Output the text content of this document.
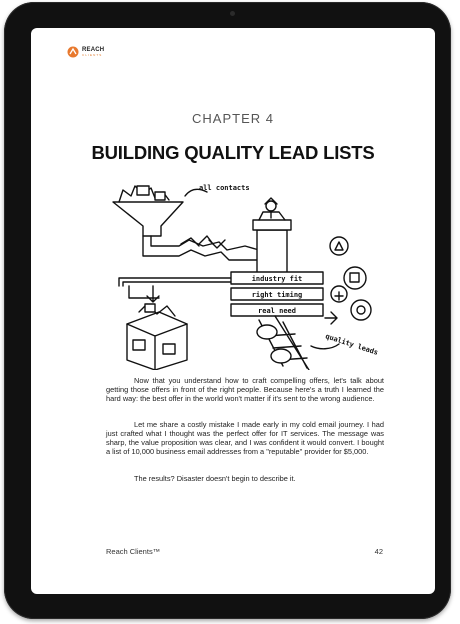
REACH
CLIENTS
CHAPTER 4
BUILDING QUALITY LEAD LISTS
all contacts
industry fit
right timing
real need
quality leads

Now that you understand how to craft compelling offers, let's talk about getting those offers in front of the right people. Because here's a truth I learned the hard way: the best offer in the world won't matter if it's sent to the wrong audience.

Let me share a costly mistake I made early in my cold email journey. I had just crafted what I thought was the perfect offer for IT services. The message was sharp, the value proposition was clear, and I was confident it would convert. I bought a list of 10,000 business email addresses from a "reputable" provider for $5,000.

The results? Disaster doesn't begin to describe it.

Reach Clients™	42
